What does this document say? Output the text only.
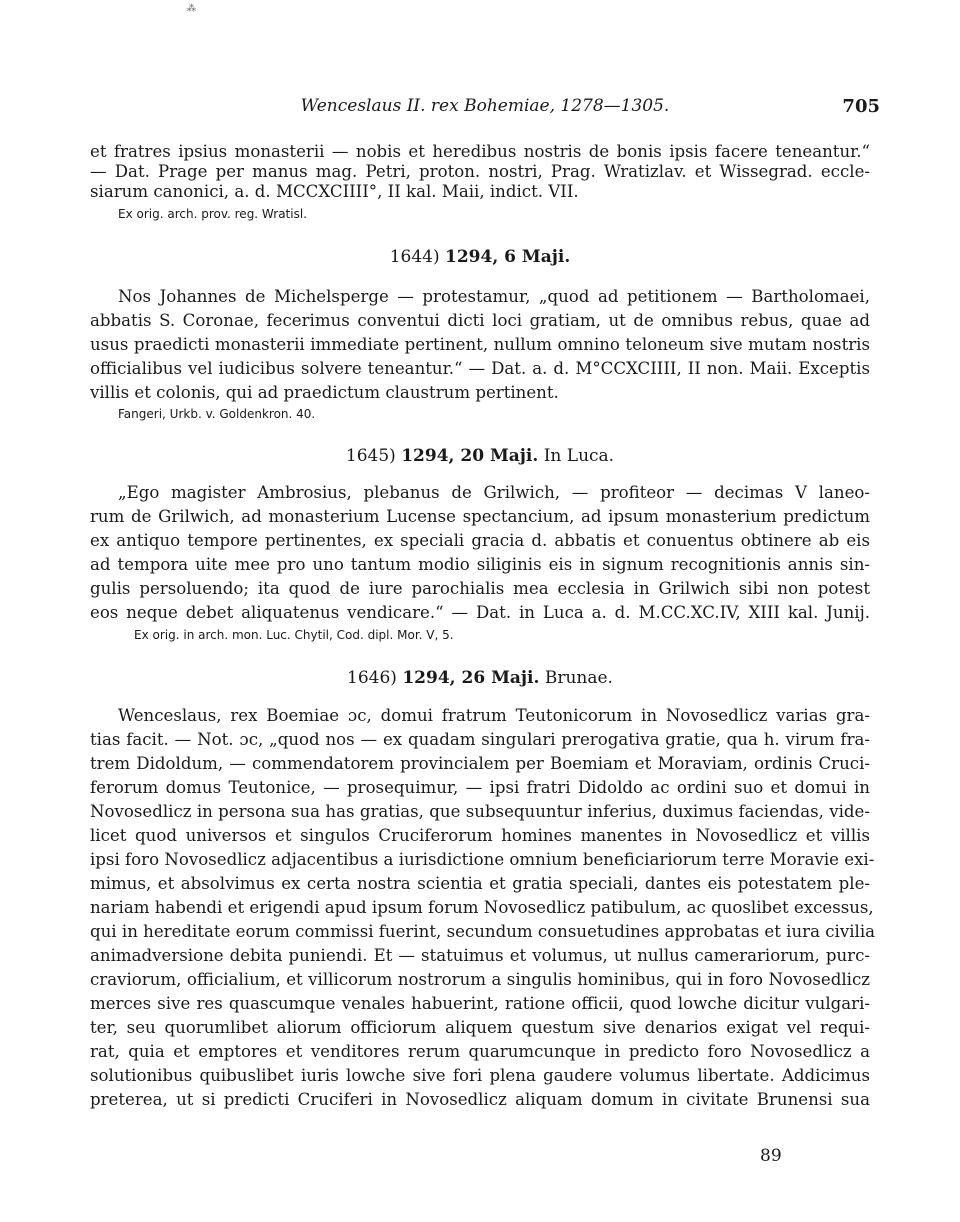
⁂
Wenceslaus II. rex Bohemiae, 1278—1305.	705
et fratres ipsius monasterii — nobis et heredibus nostris de bonis ipsis facere teneantur.“
— Dat. Prage per manus mag. Petri, proton. nostri, Prag. Wratizlav. et Wissegrad. eccle-
siarum canonici, a. d. MCCXCIIII°, II kal. Maii, indict. VII.
Ex orig. arch. prov. reg. Wratisl.
1644) 1294, 6 Maji.
Nos Johannes de Michelsperge — protestamur, „quod ad petitionem — Bartholomaei,
abbatis S. Coronae, fecerimus conventui dicti loci gratiam, ut de omnibus rebus, quae ad
usus praedicti monasterii immediate pertinent, nullum omnino teloneum sive mutam nostris
officialibus vel iudicibus solvere teneantur.“ — Dat. a. d. M°CCXCIIII, II non. Maii. Exceptis
villis et colonis, qui ad praedictum claustrum pertinent.
Fangeri, Urkb. v. Goldenkron. 40.
1645) 1294, 20 Maji. In Luca.
„Ego magister Ambrosius, plebanus de Grilwich, — profiteor — decimas V laneo-
rum de Grilwich, ad monasterium Lucense spectancium, ad ipsum monasterium predictum
ex antiquo tempore pertinentes, ex speciali gracia d. abbatis et conuentus obtinere ab eis
ad tempora uite mee pro uno tantum modio siliginis eis in signum recognitionis annis sin-
gulis persoluendo; ita quod de iure parochialis mea ecclesia in Grilwich sibi non potest
eos neque debet aliquatenus vendicare.“ — Dat. in Luca a. d. M.CC.XC.IV, XIII kal. Junij.
Ex orig. in arch. mon. Luc. Chytil, Cod. dipl. Mor. V, 5.
1646) 1294, 26 Maji. Brunae.
Wenceslaus, rex Boemiae ɔc, domui fratrum Teutonicorum in Novosedlicz varias gra-
tias facit. — Not. ɔc, „quod nos — ex quadam singulari prerogativa gratie, qua h. virum fra-
trem Didoldum, — commendatorem provincialem per Boemiam et Moraviam, ordinis Cruci-
ferorum domus Teutonice, — prosequimur, — ipsi fratri Didoldo ac ordini suo et domui in
Novosedlicz in persona sua has gratias, que subsequuntur inferius, duximus faciendas, vide-
licet quod universos et singulos Cruciferorum homines manentes in Novosedlicz et villis
ipsi foro Novosedlicz adjacentibus a iurisdictione omnium beneficiariorum terre Moravie exi-
mimus, et absolvimus ex certa nostra scientia et gratia speciali, dantes eis potestatem ple-
nariam habendi et erigendi apud ipsum forum Novosedlicz patibulum, ac quoslibet excessus,
qui in hereditate eorum commissi fuerint, secundum consuetudines approbatas et iura civilia
animadversione debita puniendi. Et — statuimus et volumus, ut nullus camerariorum, purc-
craviorum, officialium, et villicorum nostrorum a singulis hominibus, qui in foro Novosedlicz
merces sive res quascumque venales habuerint, ratione officii, quod lowche dicitur vulgari-
ter, seu quorumlibet aliorum officiorum aliquem questum sive denarios exigat vel requi-
rat, quia et emptores et venditores rerum quarumcunque in predicto foro Novosedlicz a
solutionibus quibuslibet iuris lowche sive fori plena gaudere volumus libertate. Addicimus
preterea, ut si predicti Cruciferi in Novosedlicz aliquam domum in civitate Brunensi sua
89
